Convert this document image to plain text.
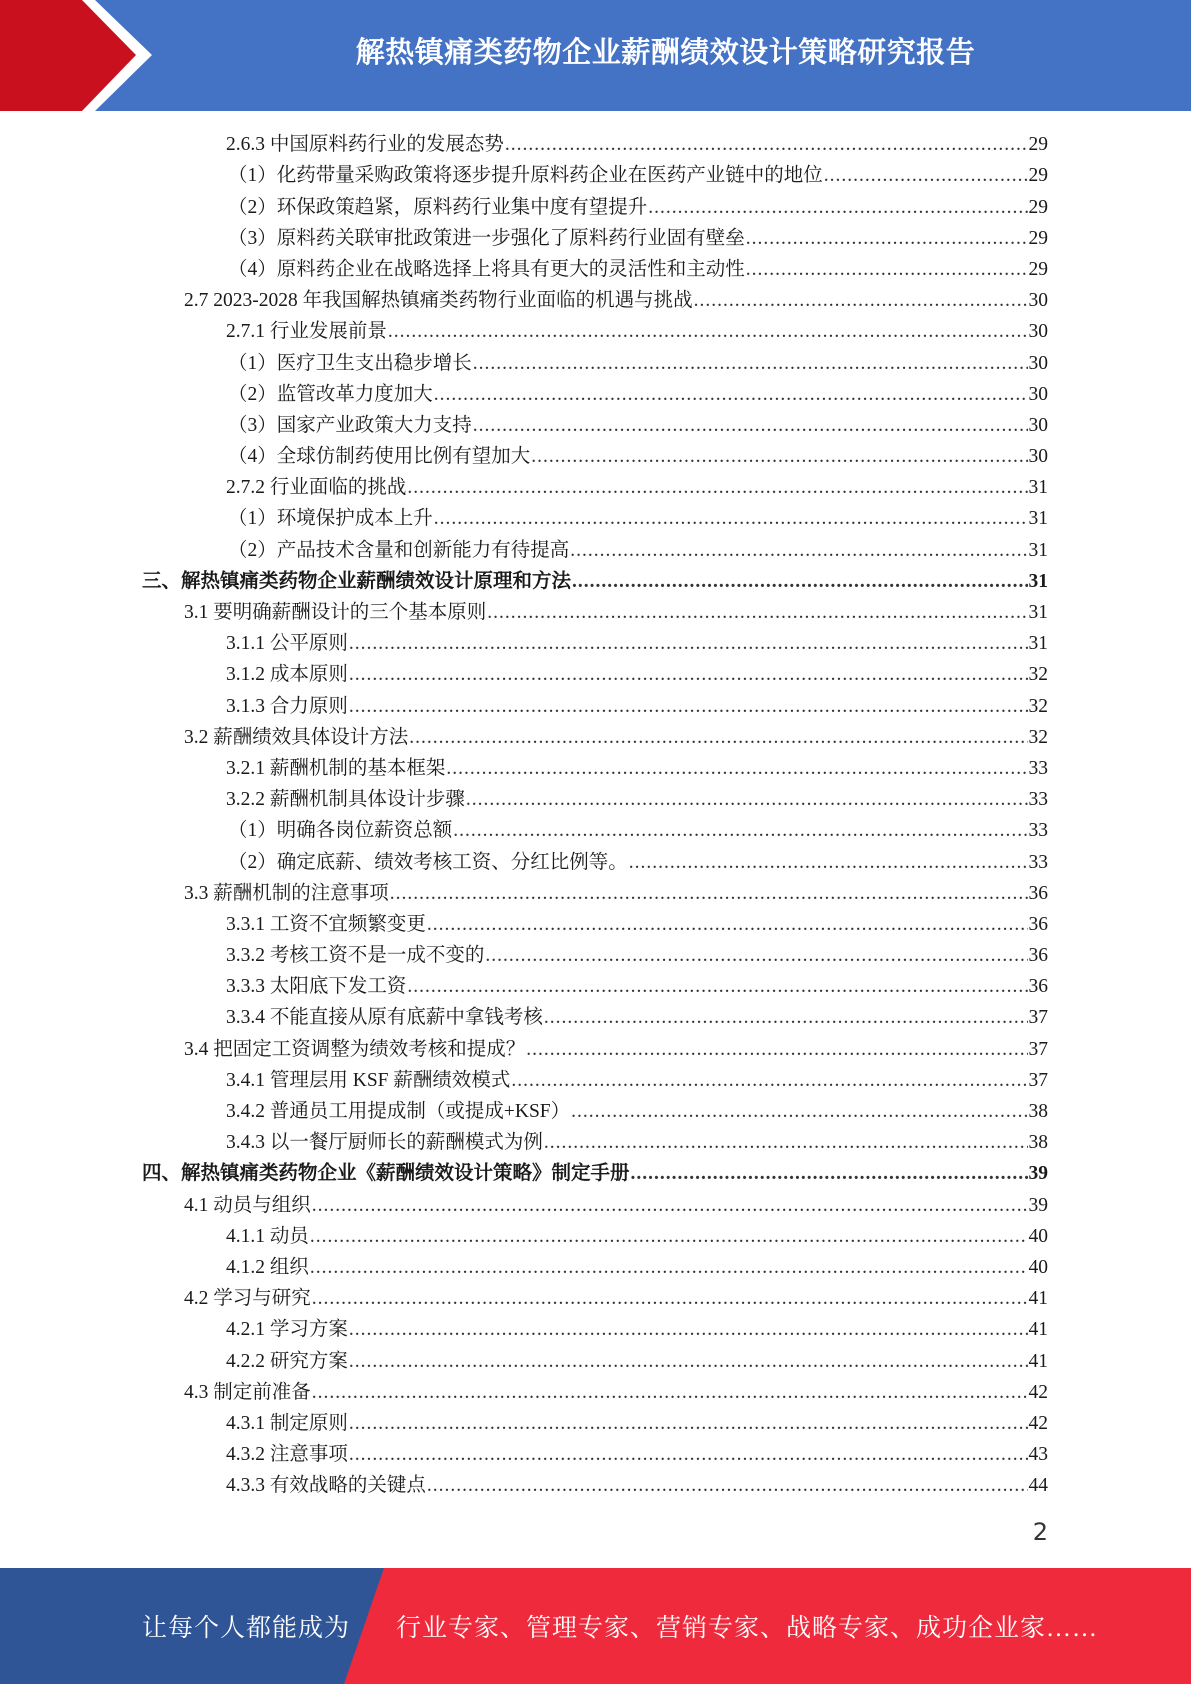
解热镇痛类药物企业薪酬绩效设计策略研究报告
2.6.3 中国原料药行业的发展态势 .....	29
（1）化药带量采购政策将逐步提升原料药企业在医药产业链中的地位 .....	29
（2）环保政策趋紧，原料药行业集中度有望提升 .....	29
（3）原料药关联审批政策进一步强化了原料药行业固有壁垒 .....	29
（4）原料药企业在战略选择上将具有更大的灵活性和主动性 .....	29
2.7 2023-2028 年我国解热镇痛类药物行业面临的机遇与挑战 .....	30
2.7.1 行业发展前景 .....	30
（1）医疗卫生支出稳步增长 .....	30
（2）监管改革力度加大 .....	30
（3）国家产业政策大力支持 .....	30
（4）全球仿制药使用比例有望加大 .....	30
2.7.2 行业面临的挑战 .....	31
（1）环境保护成本上升 .....	31
（2）产品技术含量和创新能力有待提高 .....	31
三、解热镇痛类药物企业薪酬绩效设计原理和方法 .....	31
3.1 要明确薪酬设计的三个基本原则 .....	31
3.1.1 公平原则 .....	31
3.1.2 成本原则 .....	32
3.1.3 合力原则 .....	32
3.2 薪酬绩效具体设计方法 .....	32
3.2.1 薪酬机制的基本框架 .....	33
3.2.2 薪酬机制具体设计步骤 .....	33
（1）明确各岗位薪资总额 .....	33
（2）确定底薪、绩效考核工资、分红比例等。 .....	33
3.3 薪酬机制的注意事项 .....	36
3.3.1 工资不宜频繁变更 .....	36
3.3.2 考核工资不是一成不变的 .....	36
3.3.3 太阳底下发工资 .....	36
3.3.4 不能直接从原有底薪中拿钱考核 .....	37
3.4 把固定工资调整为绩效考核和提成？ .....	37
3.4.1 管理层用 KSF 薪酬绩效模式 .....	37
3.4.2 普通员工用提成制（或提成+KSF） .....	38
3.4.3 以一餐厅厨师长的薪酬模式为例 .....	38
四、解热镇痛类药物企业《薪酬绩效设计策略》制定手册 .....	39
4.1 动员与组织 .....	39
4.1.1 动员 .....	40
4.1.2 组织 .....	40
4.2 学习与研究 .....	41
4.2.1 学习方案 .....	41
4.2.2 研究方案 .....	41
4.3 制定前准备 .....	42
4.3.1 制定原则 .....	42
4.3.2 注意事项 .....	43
4.3.3 有效战略的关键点 .....	44
2
让每个人都能成为 行业专家、管理专家、营销专家、战略专家、成功企业家……
